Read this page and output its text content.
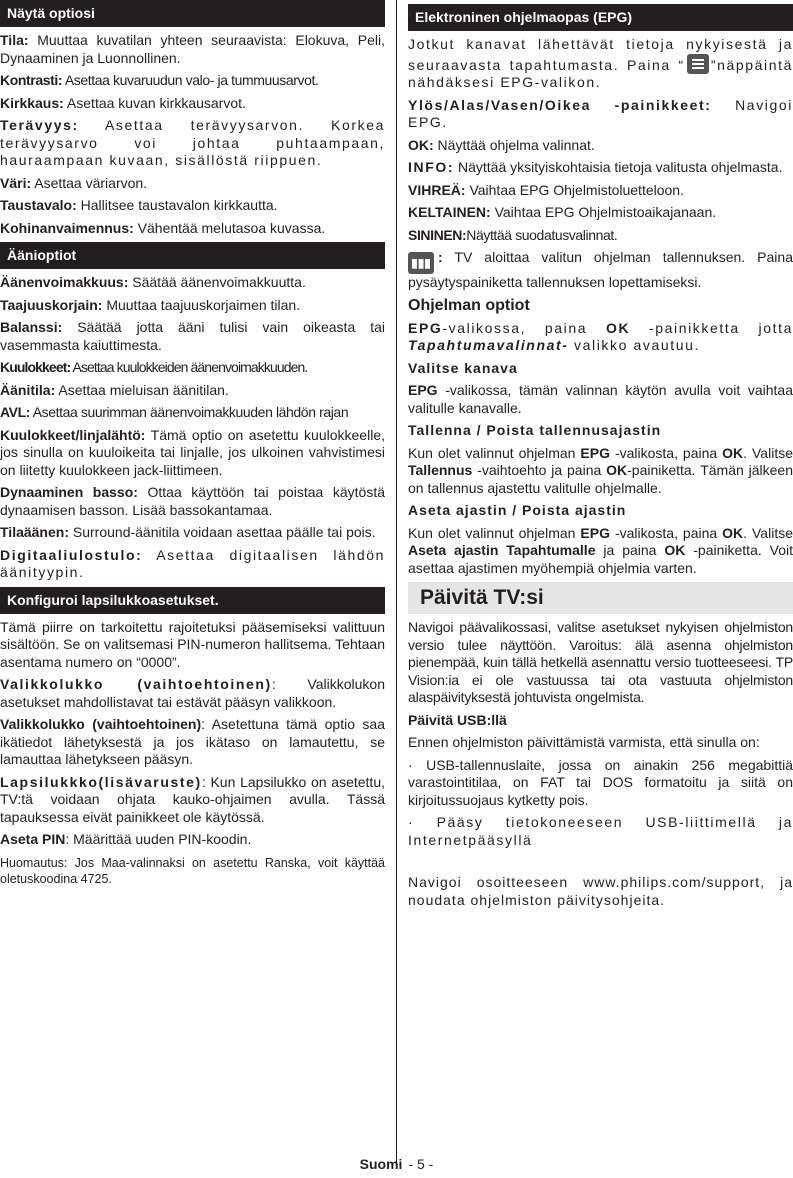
Näytä optiosi

Tila: Muuttaa kuvatilan yhteen seuraavista: Elokuva, Peli, Dynaaminen ja Luonnollinen.

Kontrasti: Asettaa kuvaruudun valo- ja tummuusarvot.

Kirkkaus: Asettaa kuvan kirkkausarvot.

Terävyys: Asettaa terävyysarvon. Korkea terävyysarvo voi johtaa puhtaampaan, hauraampaan kuvaan, sisällöstä riippuen.

Väri: Asettaa väriarvon.

Taustavalo: Hallitsee taustavalon kirkkautta.

Kohinanvaimennus: Vähentää melutasoa kuvassa.

Äänioptiot

Äänenvoimakkuus: Säätää äänenvoimakkuutta.

Taajuuskorjain: Muuttaa taajuuskorjaimen tilan.

Balanssi: Säätää jotta ääni tulisi vain oikeasta tai vasemmasta kaiuttimesta.

Kuulokkeet: Asettaa kuulokkeiden äänenvoimakkuuden.

Äänitila: Asettaa mieluisan äänitilan.

AVL: Asettaa suurimman äänenvoimakkuuden lähdön rajan

Kuulokkeet/linjalähtö: Tämä optio on asetettu kuulokkeelle, jos sinulla on kuuloikeita tai linjalle, jos ulkoinen vahvistimesi on liitetty kuulokkeen jack-liittimeen.

Dynaaminen basso: Ottaa käyttöön tai poistaa käytöstä dynaamisen basson. Lisää bassokantamaa.

Tilaäänen: Surround-äänitila voidaan asettaa päälle tai pois.

Digitaaliulostulo: Asettaa digitaalisen lähdön äänityypin.

Konfiguroi lapsilukkoasetukset.

Tämä piirre on tarkoitettu rajoitetuksi pääsemiseksi valittuun sisältöön. Se on valitsemasi PIN-numeron hallitsema. Tehtaan asentama numero on “0000”.

Valikkolukko (vaihtoehtoinen): Valikkolukon asetukset mahdollistavat tai estävät pääsyn valikkoon.

Valikkolukko (vaihtoehtoinen): Asetettuna tämä optio saa ikätiedot lähetyksestä ja jos ikätaso on lamautettu, se lamauttaa lähetykseen pääsyn.

Lapsilukkko(lisävaruste): Kun Lapsilukko on asetettu, TV:tä voidaan ohjata kauko-ohjaimen avulla. Tässä tapauksessa eivät painikkeet ole käytössä.

Aseta PIN: Määrittää uuden PIN-koodin.

Huomautus: Jos Maa-valinnaksi on asetettu Ranska, voit käyttää oletuskoodina 4725.

Elektroninen ohjelmaopas (EPG)

Jotkut kanavat lähettävät tietoja nykyisestä ja seuraavasta tapahtumasta. Paina “ ”näppäintä nähdäksesi EPG-valikon.

Ylös/Alas/Vasen/Oikea -painikkeet: Navigoi EPG.

OK: Näyttää ohjelma valinnat.

INFO: Näyttää yksityiskohtaisia tietoja valitusta ohjelmasta.

VIHREÄ: Vaihtaa EPG Ohjelmistoluetteloon.

KELTAINEN: Vaihtaa EPG Ohjelmistoaikajanaan.

SININEN:Näyttää suodatusvalinnat.

▮▮▮ : TV aloittaa valitun ohjelman tallennuksen. Paina pysäytyspainiketta tallennuksen lopettamiseksi.

Ohjelman optiot

EPG-valikossa, paina OK -painikketta jotta Tapahtumavalinnat- valikko avautuu.

Valitse kanava

EPG -valikossa, tämän valinnan käytön avulla voit vaihtaa valitulle kanavalle.

Tallenna / Poista tallennusajastin

Kun olet valinnut ohjelman EPG -valikosta, paina OK. Valitse Tallennus -vaihtoehto ja paina OK-painiketta. Tämän jälkeen on tallennus ajastettu valitulle ohjelmalle.

Aseta ajastin / Poista ajastin

Kun olet valinnut ohjelman EPG -valikosta, paina OK. Valitse Aseta ajastin Tapahtumalle ja paina OK -painiketta. Voit asettaa ajastimen myöhempiä ohjelmia varten.

Päivitä TV:si

Navigoi päävalikossasi, valitse asetukset nykyisen ohjelmiston versio tulee näyttöön. Varoitus: älä asenna ohjelmiston pienempää, kuin tällä hetkellä asennattu versio tuotteeseesi. TP Vision:ia ei ole vastuussa tai ota vastuuta ohjelmiston alaspäivityksestä johtuvista ongelmista.

Päivitä USB:llä

Ennen ohjelmiston päivittämistä varmista, että sinulla on:

· USB-tallennuslaite, jossa on ainakin 256 megabittiä varastointitilaa, on FAT tai DOS formatoitu ja siitä on kirjoitussuojaus kytketty pois.

· Pääsy tietokoneeseen USB-liittimellä ja Internetpääsyllä

Navigoi osoitteeseen www.philips.com/support, ja noudata ohjelmiston päivitysohjeita.

Suomi - 5 -
